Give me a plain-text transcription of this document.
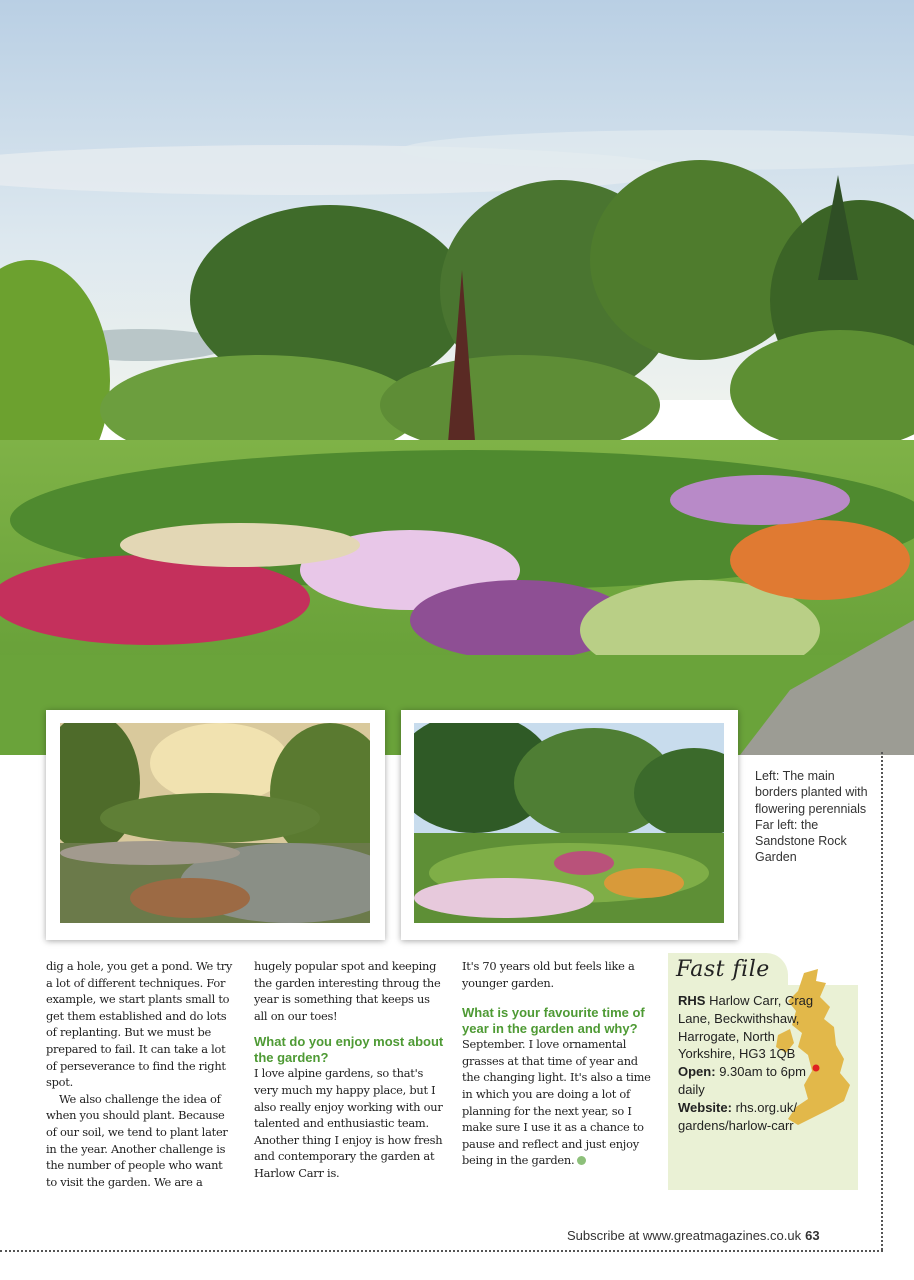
Left: The main borders planted with flowering perennials

Far left: the Sandstone Rock Garden

dig a hole, you get a pond. We try a lot of different techniques. For example, we start plants small to get them established and do lots of replanting. But we must be prepared to fail. It can take a lot of perseverance to find the right spot.

We also challenge the idea of when you should plant. Because of our soil, we tend to plant later in the year. Another challenge is the number of people who want to visit the garden. We are a

hugely popular spot and keeping the garden interesting throug the year is something that keeps us all on our toes!

What do you enjoy most about the garden?

I love alpine gardens, so that's very much my happy place, but I also really enjoy working with our talented and enthusiastic team. Another thing I enjoy is how fresh and contemporary the garden at Harlow Carr is.

It's 70 years old but feels like a younger garden.

What is your favourite time of year in the garden and why?

September. I love ornamental grasses at that time of year and the changing light. It's also a time in which you are doing a lot of planning for the next year, so I make sure I use it as a chance to pause and reflect and just enjoy being in the garden.

Fast file
RHS Harlow Carr, Crag Lane, Beckwithshaw, Harrogate, North Yorkshire, HG3 1QB
Open: 9.30am to 6pm daily
Website: rhs.org.uk/ gardens/harlow-carr
Subscribe at www.greatmagazines.co.uk 63
